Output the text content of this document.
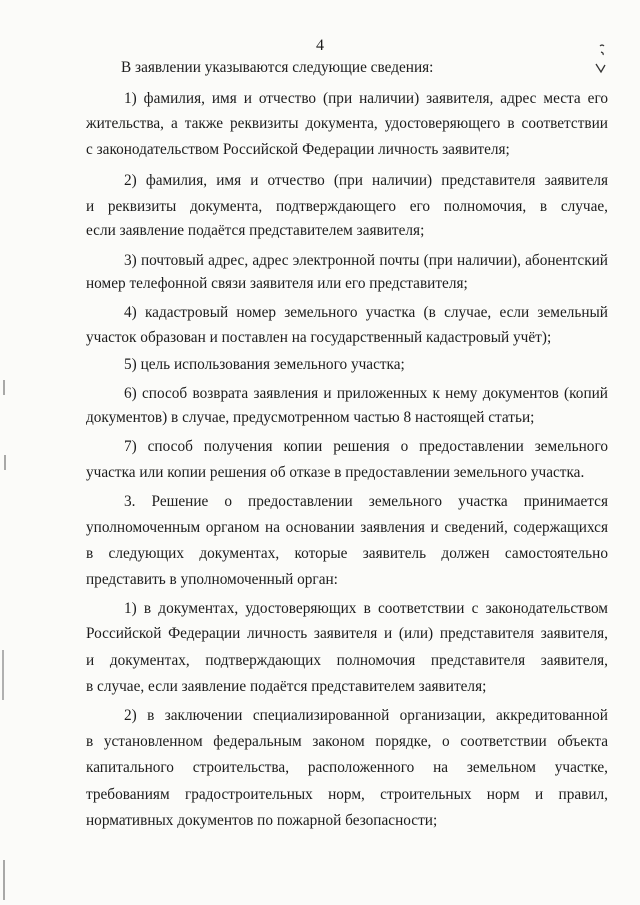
4

В заявлении указываются следующие сведения:

1) фамилия, имя и отчество (при наличии) заявителя, адрес места его

жительства, а также реквизиты документа, удостоверяющего в соответствии

с законодательством Российской Федерации личность заявителя;

2) фамилия, имя и отчество (при наличии) представителя заявителя

и реквизиты документа, подтверждающего его полномочия, в случае,

если заявление подаётся представителем заявителя;

3) почтовый адрес, адрес электронной почты (при наличии), абонентский

номер телефонной связи заявителя или его представителя;

4) кадастровый номер земельного участка (в случае, если земельный

участок образован и поставлен на государственный кадастровый учёт);

5) цель использования земельного участка;

6) способ возврата заявления и приложенных к нему документов (копий

документов) в случае, предусмотренном частью 8 настоящей статьи;

7) способ получения копии решения о предоставлении земельного

участка или копии решения об отказе в предоставлении земельного участка.

3. Решение о предоставлении земельного участка принимается

уполномоченным органом на основании заявления и сведений, содержащихся

в следующих документах, которые заявитель должен самостоятельно

представить в уполномоченный орган:

1) в документах, удостоверяющих в соответствии с законодательством

Российской Федерации личность заявителя и (или) представителя заявителя,

и документах, подтверждающих полномочия представителя заявителя,

в случае, если заявление подаётся представителем заявителя;

2) в заключении специализированной организации, аккредитованной

в установленном федеральным законом порядке, о соответствии объекта

капитального строительства, расположенного на земельном участке,

требованиям градостроительных норм, строительных норм и правил,

нормативных документов по пожарной безопасности;
